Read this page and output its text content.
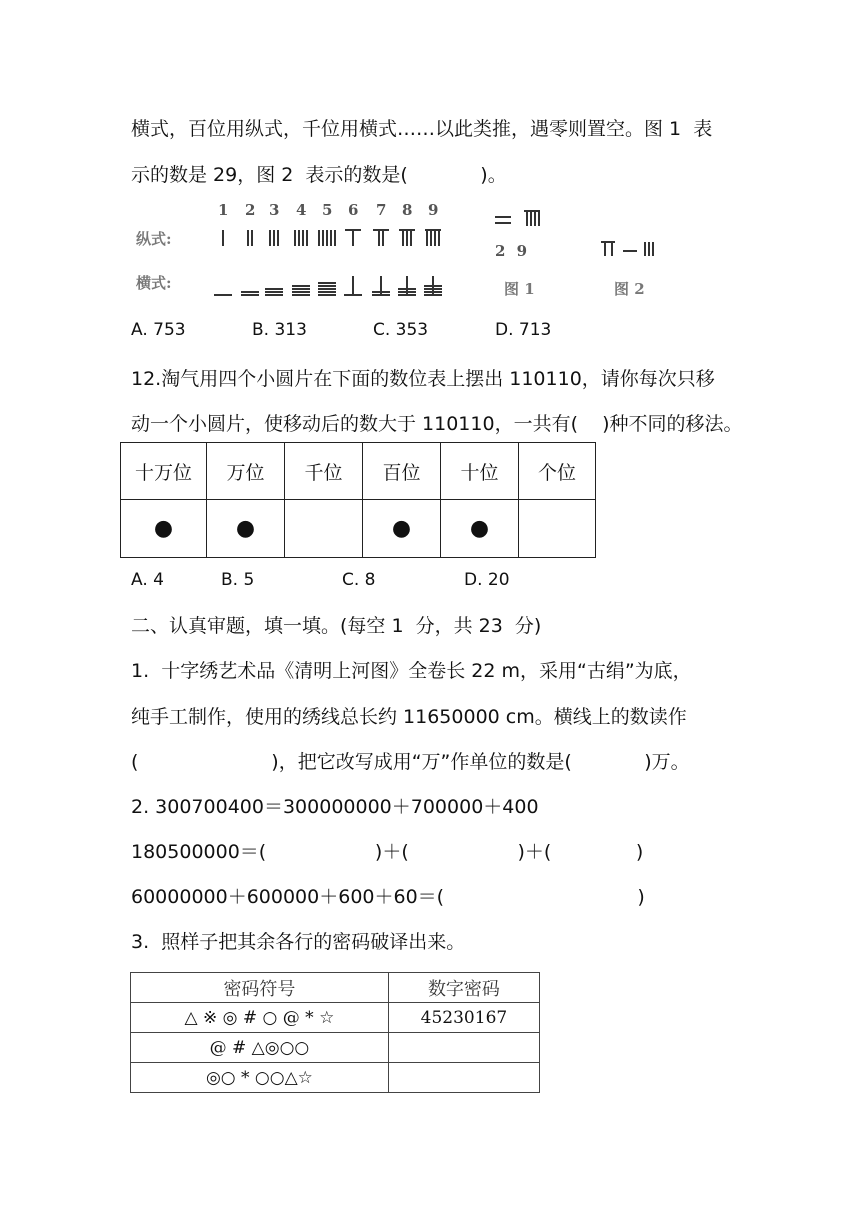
横式，百位用纵式，千位用横式……以此类推，遇零则置空。图 1  表
示的数是 29，图 2  表示的数是(            )。
纵式:
横式:
2 9
图 1	图 2
1 2 3 4 5 6 7 8 9
A. 753	B. 313	C. 353	D. 713
12.淘气用四个小圆片在下面的数位表上摆出 110110，请你每次只移
动一个小圆片，使移动后的数大于 110110，一共有(    )种不同的移法。
十万位	万位	千位	百位	十位	个位
●	●		●	●	
A. 4	B. 5	C. 8	D. 20
二、认真审题，填一填。(每空 1  分，共 23  分)
1.  十字绣艺术品《清明上河图》全卷长 22 m，采用“古绢”为底，
纯手工制作，使用的绣线总长约 11650000 cm。横线上的数读作
(                      )，把它改写成用“万”作单位的数是(            )万。
2. 300700400＝300000000＋700000＋400
180500000＝(                  )＋(                  )＋(              )
60000000＋600000＋600＋60＝(                                )
3.  照样子把其余各行的密码破译出来。
密码符号	数字密码
△ ※ ◎ # ○ @ * ☆	45230167
@ # △◎○○	
◎○ * ○○△☆	
